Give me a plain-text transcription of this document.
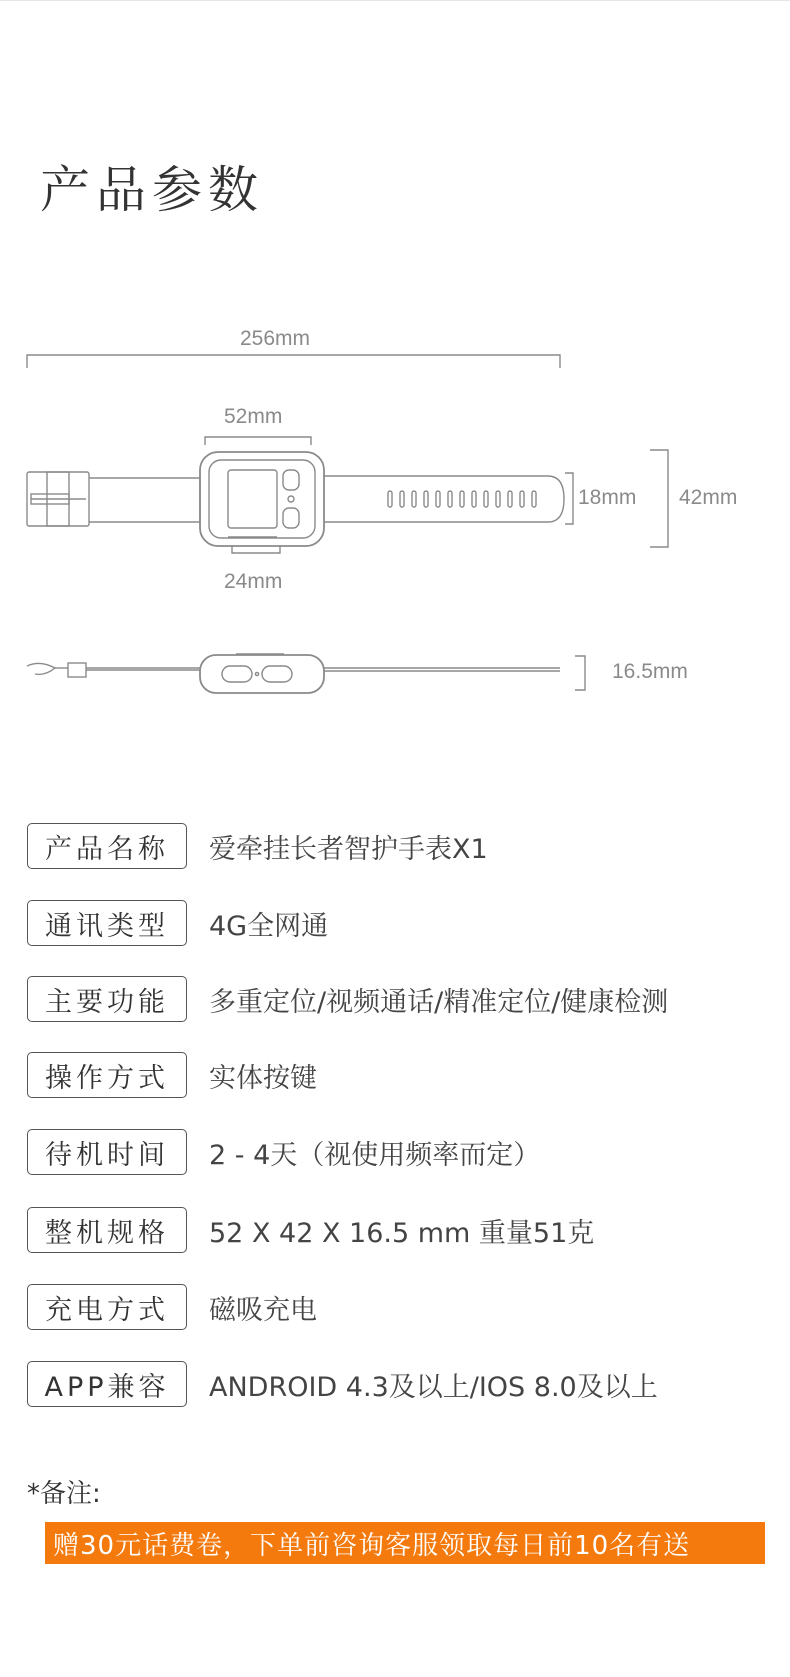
产品参数
256mm
52mm
24mm
18mm 42mm
16.5mm
产品名称	爱牵挂长者智护手表X1
通讯类型	4G全网通
主要功能	多重定位/视频通话/精准定位/健康检测
操作方式	实体按键
待机时间	2 - 4天（视使用频率而定）
整机规格	52 X 42 X 16.5 mm 重量51克
充电方式	磁吸充电
APP兼容	ANDROID 4.3及以上/IOS 8.0及以上
*备注:
赠30元话费卷，下单前咨询客服领取每日前10名有送
